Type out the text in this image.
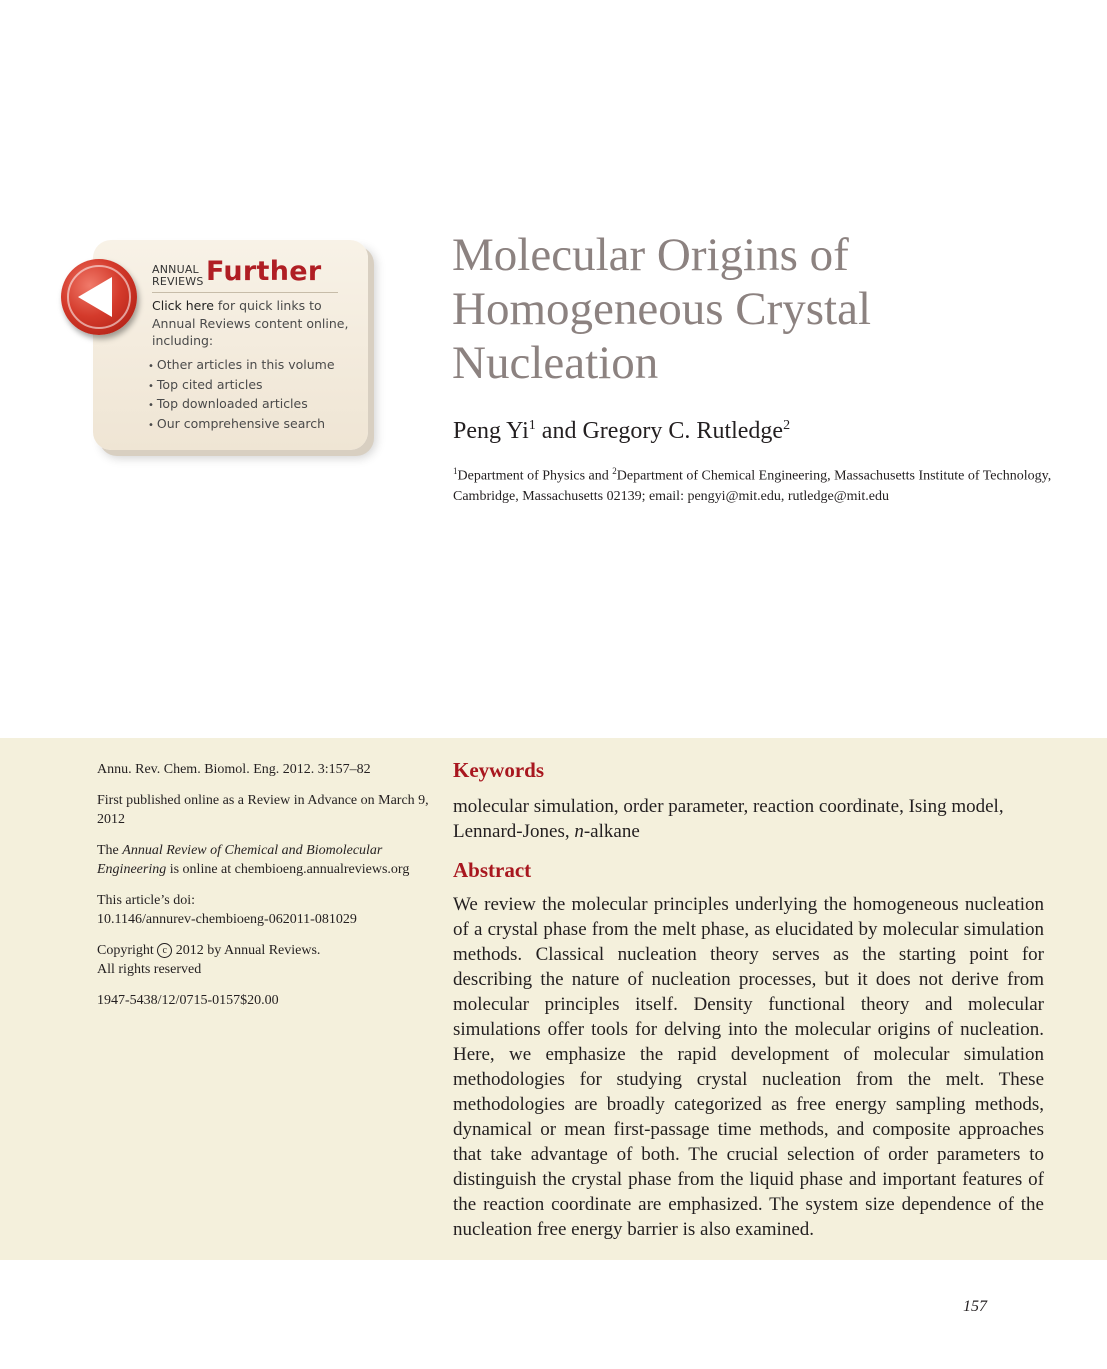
ANNUAL
REVIEWS Further
Click here for quick links to Annual Reviews content online, including:
• Other articles in this volume
• Top cited articles
• Top downloaded articles
• Our comprehensive search
Molecular Origins of
Homogeneous Crystal
Nucleation
Peng Yi$^1$ and Gregory C. Rutledge$^2$
$^1$Department of Physics and $^2$Department of Chemical Engineering, Massachusetts Institute of Technology, Cambridge, Massachusetts 02139; email: pengyi@mit.edu, rutledge@mit.edu

Annu. Rev. Chem. Biomol. Eng. 2012. 3:157–82

First published online as a Review in Advance on March 9, 2012

The Annual Review of Chemical and Biomolecular Engineering is online at chembioeng.annualreviews.org

This article’s doi:
10.1146/annurev-chembioeng-062011-081029

Copyright c 2012 by Annual Reviews.
All rights reserved

1947-5438/12/0715-0157$20.00

Keywords
molecular simulation, order parameter, reaction coordinate, Ising model, Lennard-Jones, n-alkane
Abstract
We review the molecular principles underlying the homogeneous nucleation of a crystal phase from the melt phase, as elucidated by molecular simulation methods. Classical nucleation theory serves as the starting point for describing the nature of nucleation processes, but it does not derive from molecular principles itself. Density functional theory and molecular simulations offer tools for delving into the molecular origins of nucleation. Here, we emphasize the rapid development of molecular simulation methodologies for studying crystal nucleation from the melt. These methodologies are broadly categorized as free energy sampling methods, dynamical or mean first-passage time methods, and composite approaches that take advantage of both. The crucial selection of order parameters to distinguish the crystal phase from the liquid phase and important features of the reaction coordinate are emphasized. The system size dependence of the nucleation free energy barrier is also examined.
157
